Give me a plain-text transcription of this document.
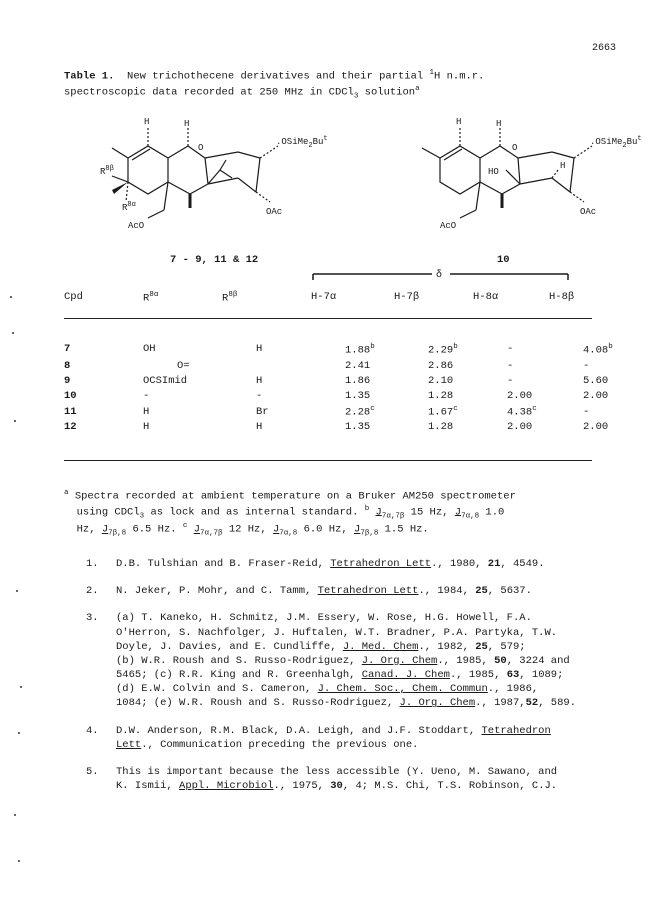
2663
Table 1. New trichothecene derivatives and their partial $^1$H n.m.r.
spectroscopic data recorded at 250 MHz in CDCl$_3$ solution$^a$
H
H
O
$.OSiMe_2Bu^t$
$R^{8\beta}$
$R^{8\alpha}$
AcO
OAc
H
H
O
$.OSiMe_2Bu^t$
HO
H
AcO
OAc
7 - 9, 11 & 12	10
δ
Cpd	$R^{8\alpha}$	$R^{8\beta}$	H-7α	H-7β	H-8α	H-8β
7	OH	H	1.88$^b$	2.29$^b$	-	4.08$^b$
8	O=		2.41	2.86	-	-
9	OCSImid	H	1.86	2.10	-	5.60
10	-	-	1.35	1.28	2.00	2.00
11	H	Br	2.28$^c$	1.67$^c$	4.38$^c$	-
12	H	H	1.35	1.28	2.00	2.00
$^a$ Spectra recorded at ambient temperature on a Bruker AM250 spectrometer
using CDCl$_3$ as lock and as internal standard. $^b$ $J_{7\alpha,7\beta}$ 15 Hz, $J_{7\alpha,8}$ 1.0
Hz, $J_{7\beta,8}$ 6.5 Hz. $^c$ $J_{7\alpha,7\beta}$ 12 Hz, $J_{7\alpha,8}$ 6.0 Hz, $J_{7\beta,8}$ 1.5 Hz.
1. D.B. Tulshian and B. Fraser-Reid, Tetrahedron Lett., 1980, 21, 4549.
2. N. Jeker, P. Mohr, and C. Tamm, Tetrahedron Lett., 1984, 25, 5637.
3. (a) T. Kaneko, H. Schmitz, J.M. Essery, W. Rose, H.G. Howell, F.A.
O'Herron, S. Nachfolger, J. Huftalen, W.T. Bradner, P.A. Partyka, T.W.
Doyle, J. Davies, and E. Cundliffe, J. Med. Chem., 1982, 25, 579;
(b) W.R. Roush and S. Russo-Rodriguez, J. Org. Chem., 1985, 50, 3224 and
5465; (c) R.R. King and R. Greenhalgh, Canad. J. Chem., 1985, 63, 1089;
(d) E.W. Colvin and S. Cameron, J. Chem. Soc., Chem. Commun., 1986,
1084; (e) W.R. Roush and S. Russo-Rodriguez, J. Org. Chem., 1987,52, 589.
4. D.W. Anderson, R.M. Black, D.A. Leigh, and J.F. Stoddart, Tetrahedron
Lett., Communication preceding the previous one.
5. This is important because the less accessible (Y. Ueno, M. Sawano, and
K. Ismii, Appl. Microbiol., 1975, 30, 4; M.S. Chi, T.S. Robinson, C.J.
